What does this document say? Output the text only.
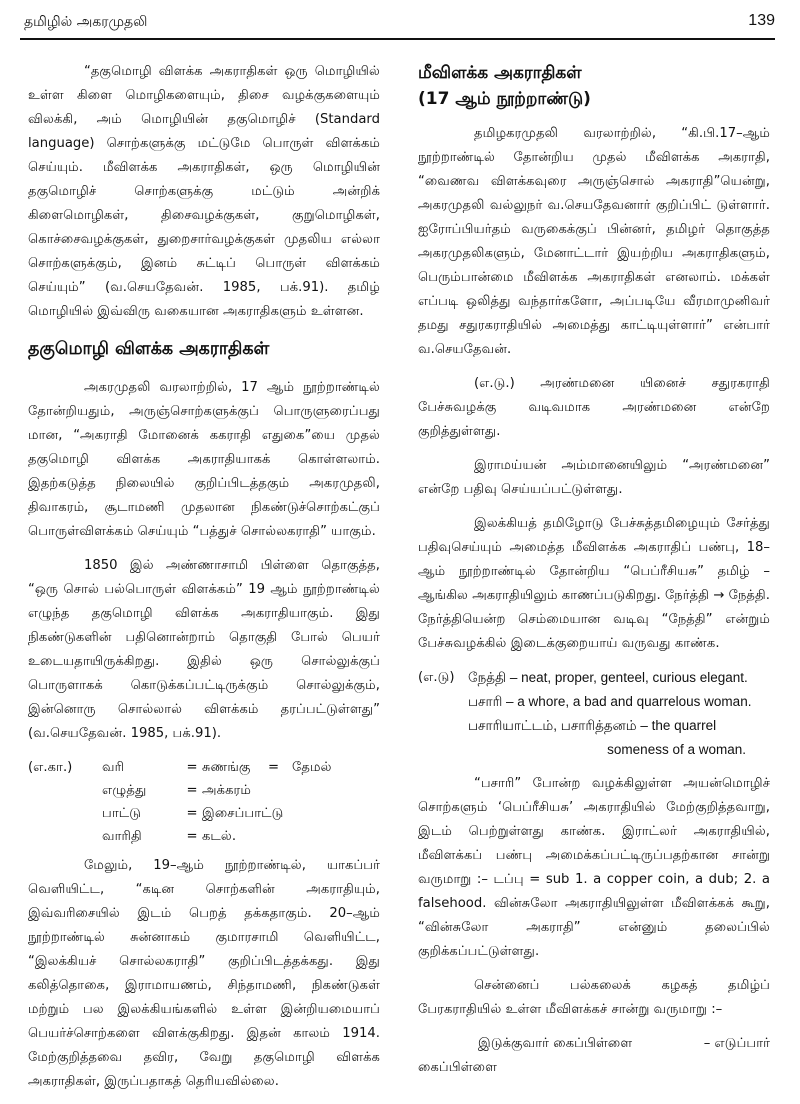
தமிழில் அகரமுதலி	139

“தகுமொழி விளக்க அகராதிகள் ஒரு மொழியில் உள்ள கிளை மொழிகளையும், திசை வழக்குகளையும் விலக்கி, அம் மொழியின் தகுமொழிச் (Standard language) சொற்களுக்கு மட்டுமே பொருள் விளக்கம் செய்யும். மீவிளக்க அகராதிகள், ஒரு மொழியின் தகுமொழிச் சொற்களுக்கு மட்டும் அன்றிக் கிளைமொழிகள், திசைவழக்குகள், குறுமொழிகள், கொச்சைவழக்குகள், துறைசார்வழக்குகள் முதலிய எல்லா சொற்களுக்கும், இனம் சுட்டிப் பொருள் விளக்கம் செய்யும்” (வ.செயதேவன். 1985, பக்.91). தமிழ் மொழியில் இவ்விரு வகையான அகராதிகளும் உள்ளன.

தகுமொழி விளக்க அகராதிகள்

அகரமுதலி வரலாற்றில், 17 ஆம் நூற்றாண்டில் தோன்றியதும், அருஞ்சொற்களுக்குப் பொருளுரைப்பது மான, “அகராதி மோனைக் ககராதி எதுகை”யை முதல் தகுமொழி விளக்க அகராதியாகக் கொள்ளலாம். இதற்கடுத்த நிலையில் குறிப்பிடத்தகும் அகரமுதலி, திவாகரம், சூடாமணி முதலான நிகண்டுச்சொற்கட்குப் பொருள்விளக்கம் செய்யும் “பத்துச் சொல்லகராதி” யாகும்.

1850 இல் அண்ணாசாமி பிள்ளை தொகுத்த, “ஒரு சொல் பல்பொருள் விளக்கம்” 19 ஆம் நூற்றாண்டில் எழுந்த தகுமொழி விளக்க அகராதியாகும். இது நிகண்டுகளின் பதினொன்றாம் தொகுதி போல் பெயர் உடையதாயிருக்கிறது. இதில் ஒரு சொல்லுக்குப் பொருளாகக் கொடுக்கப்பட்டிருக்கும் சொல்லுக்கும், இன்னொரு சொல்லால் விளக்கம் தரப்பட்டுள்ளது” (வ.செயதேவன். 1985, பக்.91).

(எ.கா.)	வரி	= சுணங்கு	= தேமல்
எழுத்து	= அக்கரம்
பாட்டு	= இசைப்பாட்டு
வாரிதி	= கடல்.

மேலும், 19–ஆம் நூற்றாண்டில், யாகப்பர் வெளியிட்ட, “கடின சொற்களின் அகராதியும், இவ்வரிசையில் இடம் பெறத் தக்கதாகும். 20–ஆம் நூற்றாண்டில் சுன்னாகம் குமாரசாமி வெளியிட்ட, “இலக்கியச் சொல்லகராதி” குறிப்பிடத்தக்கது. இது கலித்தொகை, இராமாயணம், சிந்தாமணி, நிகண்டுகள் மற்றும் பல இலக்கியங்களில் உள்ள இன்றியமையாப் பெயர்ச்சொற்களை விளக்குகிறது. இதன் காலம் 1914. மேற்குறித்தவை தவிர, வேறு தகுமொழி விளக்க அகராதிகள், இருப்பதாகத் தெரியவில்லை.

மீவிளக்க அகராதிகள்
(17 ஆம் நூற்றாண்டு)

தமிழகரமுதலி வரலாற்றில், “கி.பி.17–ஆம் நூற்றாண்டில் தோன்றிய முதல் மீவிளக்க அகராதி, “வைணவ விளக்கவுரை அருஞ்சொல் அகராதி”யென்று, அகரமுதலி வல்லுநர் வ.செயதேவனார் குறிப்பிட் டுள்ளார். ஐரோப்பியர்தம் வருகைக்குப் பின்னர், தமிழர் தொகுத்த அகரமுதலிகளும், மேனாட்டார் இயற்றிய அகராதிகளும், பெரும்பான்மை மீவிளக்க அகராதிகள் எனலாம். மக்கள் எப்படி ஒலித்து வந்தார்களோ, அப்படியே வீரமாமுனிவர் தமது சதுரகராதியில் அமைத்து காட்டியுள்ளார்” என்பார் வ.செயதேவன்.

(எ.டு.) அரண்மனை யினைச் சதுரகராதி பேச்சுவழக்கு வடிவமாக அரண்மனை என்றே குறித்துள்ளது.

இராமய்யன் அம்மானையிலும் “அரண்மனை” என்றே பதிவு செய்யப்பட்டுள்ளது.

இலக்கியத் தமிழோடு பேச்சுத்தமிழையும் சேர்த்து பதிவுசெய்யும் அமைத்த மீவிளக்க அகராதிப் பண்பு, 18–ஆம் நூற்றாண்டில் தோன்றிய “பெப்ரீசியசு” தமிழ் – ஆங்கில அகராதியிலும் காணப்படுகிறது. நேர்த்தி → நேத்தி. நேர்த்தியென்ற செம்மையான வடிவு “நேத்தி” என்றும் பேச்சுவழக்கில் இடைக்குறையாய் வருவது காண்க.

(எ.டு) நேத்தி – neat, proper, genteel, curious elegant.
பசாரி – a whore, a bad and quarrelous woman.
பசாரியாட்டம், பசாரித்தனம் – the quarrel
someness of a woman.

“பசாரி” போன்ற வழக்கிலுள்ள அயன்மொழிச் சொற்களும் ‘பெப்ரீசியசு’ அகராதியில் மேற்குறித்தவாறு, இடம் பெற்றுள்ளது காண்க. இராட்லர் அகராதியில், மீவிளக்கப் பண்பு அமைக்கப்பட்டிருப்பதற்கான சான்று வருமாறு :– டப்பு = sub 1. a copper coin, a dub; 2. a falsehood. வின்சுலோ அகராதியிலுள்ள மீவிளக்கக் கூறு, “வின்சுலோ அகராதி” என்னும் தலைப்பில் குறிக்கப்பட்டுள்ளது.

சென்னைப் பல்கலைக் கழகத் தமிழ்ப் பேரகராதியில் உள்ள மீவிளக்கச் சான்று வருமாறு :–

இடுக்குவார் கைப்பிள்ளை	– எடுப்பார்
கைப்பிள்ளை
